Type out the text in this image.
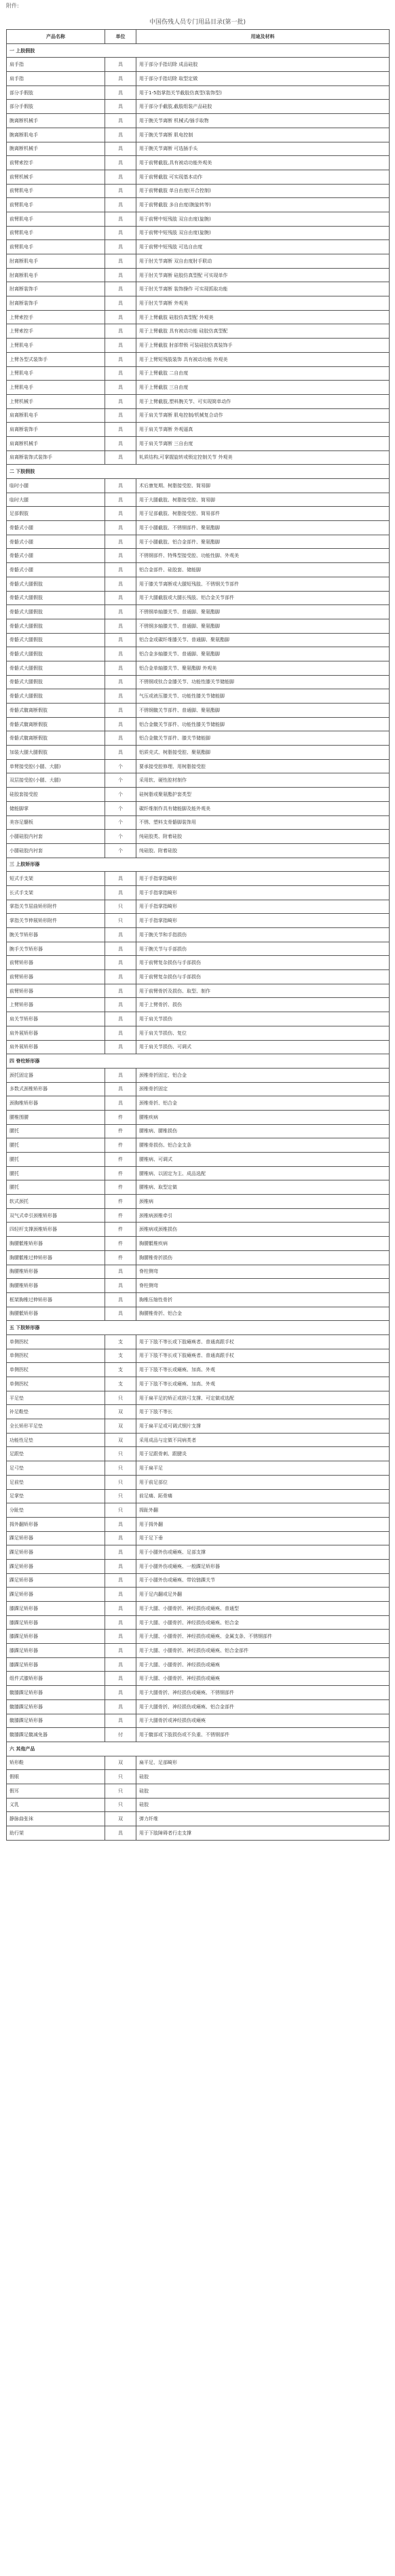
附件:
中国伤残人员专门用品目录(第一批)
产品名称	单位	用途及材料
一 上肢假肢		
肩手指	具	用于部分手指切除 成品硅胶
肩手指	具	用于部分手指切除 取型定做
部分手假肢	具	用于1-5指掌指关节截肢仿真型(装饰型)
部分手假肢	具	用于部分手截肢,截肢组装产品硅胶
腕离断机械手	具	用于腕关节离断 机械式/插手取物
腕离断肌电手	具	用于腕关节离断 肌电控制
腕离断机械手	具	用于腕关节离断 可选插手头
前臂索控手	具	用于前臂截肢,具有被动功能外观美
前臂机械手	具	用于前臂截肢 可实现基本动作
前臂肌电手	具	用于前臂截肢 单自由度(开合控制)
前臂肌电手	具	用于前臂截肢 多自由度(腕旋转等)
前臂肌电手	具	用于前臂中短残肢 双自由度(旋腕)
前臂肌电手	具	用于前臂中短残肢 双自由度(旋腕)
前臂肌电手	具	用于前臂中短残肢 可选自由度
肘离断肌电手	具	用于肘关节离断 双自由度肘手联动
肘离断肌电手	具	用于肘关节离断 硅胶仿真型配 可实现单作
肘离断装饰手	具	用于肘关节离断 装饰操作 可实现抓取功能
肘离断装饰手	具	用于肘关节离断 外观美
上臂索控手	具	用于上臂截肢 硅胶仿真型配 外观美
上臂索控手	具	用于上臂截肢 具有被动功能 硅胶仿真型配
上臂肌电手	具	用于上臂截肢 肘部带锁 可装硅胶仿真装饰手
上臂各型式装饰手	具	用于上臂短残肢装饰 具有被动功能 外观美
上臂肌电手	具	用于上臂截肢 二自由度
上臂肌电手	具	用于上臂截肢 三自由度
上臂机械手	具	用于上臂截肢,塑料腕关节、可实现简单动作
肩离断肌电手	具	用于肩关节离断 肌电控制/机械复合动作
肩离断装饰手	具	用于肩关节离断 外观逼真
肩离断机械手	具	用于肩关节离断 三自由度
肩离断装饰式装饰手	具	轧质结构,可掌握旋转或锁定控制关节 外观美
二 下肢假肢		
临时小腿	具	术后康复期、树脂接受腔、简易脚
临时大腿	具	用于大腿截肢、树脂接受腔、简易脚
足部假肢	具	用于足部截肢、树脂接受腔、简易部件
骨骼式小腿	具	用于小腿截肢、不锈钢部件、聚氨酯脚
骨骼式小腿	具	用于小腿截肢、铝合金部件、聚氨酯脚
骨骼式小腿	具	不锈钢部件、特殊型接受腔、功能性脚、外观美
骨骼式小腿	具	铝合金部件、硅胶套、储能脚
骨骼式大腿假肢	具	用于膝关节离断或大腿短残肢、不锈钢关节部件
骨骼式大腿假肢	具	用于大腿截肢或大腿长残肢、铝合金关节部件
骨骼式大腿假肢	具	不锈钢单轴膝关节、普通脚、聚氨酯脚
骨骼式大腿假肢	具	不锈钢多轴膝关节、普通脚、聚氨酯脚
骨骼式大腿假肢	具	铝合金或碳纤维膝关节、普通脚、聚氨酯脚
骨骼式大腿假肢	具	铝合金多轴膝关节、普通脚、聚氨酯脚
骨骼式大腿假肢	具	铝合金单轴膝关节、聚氨酯脚 外观美
骨骼式大腿假肢	具	不锈钢或钛合金膝关节、功能性膝关节储能脚
骨骼式大腿假肢	具	气压或液压膝关节、功能性膝关节储能脚
骨骼式髋离断假肢	具	不锈钢髋关节部件、普通脚、聚氨酯脚
骨骼式髋离断假肢	具	铝合金髋关节部件、功能性膝关节储能脚
骨骼式髋离断假肢	具	铝合金髋关节部件、膝关节储能脚
加装大腿大腿假肢	具	铝质壳式、树脂接受腔、聚氨酯脚
单臂接受腔(小腿、大腿)	个	要承接受腔修理、用树脂接受腔
双层接受腔(小腿、大腿)	个	采用软、硬性腔材制作
硅胶套接受腔	个	硅树脂或聚氨酯护套类型
储能脚掌	个	碳纤维制作具有储能脚及能外观美
美容足髓板	个	不锈、塑料支骨骼脚装饰用
小腿硅胶内衬套	个	纯硅胶类、附着硅胶
小腿硅胶内衬套	个	纯硅胶、附着硅胶
三 上肢矫形器		
短式手支架	具	用于手指掌指畸形
长式手支架	具	用于手指掌指畸形
掌指关节屈曲矫形附件	只	用于手指掌指畸形
掌指关节伸展矫形附件	只	用于手指掌指畸形
腕关节矫形器	具	用于腕关节和手指损伤
腕手关节矫形器	具	用于腕关节与手部损伤
前臂矫形器	具	用于前臂复杂损伤与手部损伤
前臂矫形器	具	用于前臂复杂损伤与手部损伤
前臂矫形器	具	用于前臂骨折及损伤、取型、制作
上臂矫形器	具	用于上臂骨折、损伤
肩关节矫形器	具	用于肩关节损伤
肩外展矫形器	具	用于肩关节损伤、复位
肩外展矫形器	具	用于肩关节损伤、可调式
四 脊柱矫形器		
颈托固定器	具	颈椎骨折固定、铝合金
多数式颈椎矫形器	具	颈椎骨折固定
颈胸椎矫形器	具	颈椎骨折、铝合金
腰椎围腰	件	腰椎疾病
腰托	件	腰椎病、腰椎损伤
腰托	件	腰椎骨损伤、铝合金支条
腰托	件	腰椎病、可调式
腰托	件	腰椎病、以固定为主、成品选配
腰托	件	腰椎病、取型定做
软式颈托	件	颈椎病
双气式牵引颈椎矫形器	件	颈椎病颈椎牵引
四轻杆支撑颈椎矫形器	件	颈椎病或颈椎损伤
胸腰骶椎矫形器	件	胸腰骶椎疾病
胸腰骶椎过伸矫形器	件	胸腰椎骨折损伤
胸腰椎矫形器	具	脊柱侧弯
胸腰椎矫形器	具	脊柱侧弯
框架胸椎过伸矫形器	具	胸椎压缩性骨折
胸腰骶矫形器	具	胸腰椎骨折、铝合金
五 下肢矫形器		
单侧拐杖	支	用于下肢不等长或下肢瘫痪者、普通高跟手杖
单侧拐杖	支	用于下肢不等长或下肢瘫痪者、普通高跟手杖
单侧拐杖	支	用于下肢不等长或瘫痪、加高、外观
单侧拐杖	支	用于下肢不等长或瘫痪、加高、外观
平足垫	只	用于扁平足的矫正或拱弓支撑、可定做或选配
补足鞋垫	双	用于下肢不等长
全长矫形平足垫	双	用于扁平足或可调式钢片支撑
功能性足垫	双	采用成品与定做不同病类者
足跟垫	只	用于足跟骨刺、跟腱炎
足弓垫	只	用于扁平足
足前垫	只	用于前足部位
足掌垫	只	前足痛、跖骨痛
分趾垫	只	拇趾外翻
拇外翻矫形器	具	用于拇外翻
踝足矫形器	具	用于足下垂
踝足矫形器	具	用于小腿外伤或瘫痪、足部支撑
踝足矫形器	具	用于小腿外伤或瘫痪、一般踝足矫形器
踝足矫形器	具	用于小腿外伤或瘫痪、带铰链踝关节
踝足矫形器	具	用于足内翻或足外翻
膝踝足矫形器	具	用于大腿、小腿骨折、神经损伤或瘫痪、普通型
膝踝足矫形器	具	用于大腿、小腿骨折、神经损伤或瘫痪、铝合金
膝踝足矫形器	具	用于大腿、小腿骨折、神经损伤或瘫痪、金属支条、不锈钢部件
膝踝足矫形器	具	用于大腿、小腿骨折、神经损伤或瘫痪、铝合金部件
膝踝足矫形器	具	用于大腿、小腿骨折、神经损伤或瘫痪
组件式膝矫形器	具	用于大腿、小腿骨折、神经损伤或瘫痪
髋膝踝足矫形器	具	用于大腿骨折、神经损伤或瘫痪、不锈钢部件
髋膝踝足矫形器	具	用于大腿骨折、神经损伤或瘫痪、铝合金部件
髋膝踝足矫形器	具	用于大腿骨折或神经损伤或瘫痪
髋膝踝足髋减免器	付	用于髋部或下肢损伤或不负重、不锈钢部件
六 其他产品		
矫形鞋	双	扁平足、足部畸形
假眼	只	硅胶
假耳	只	硅胶
义乳	只	硅胶
静脉曲张袜	双	弹力纤维
助行架	具	用于下肢障碍者行走支撑
